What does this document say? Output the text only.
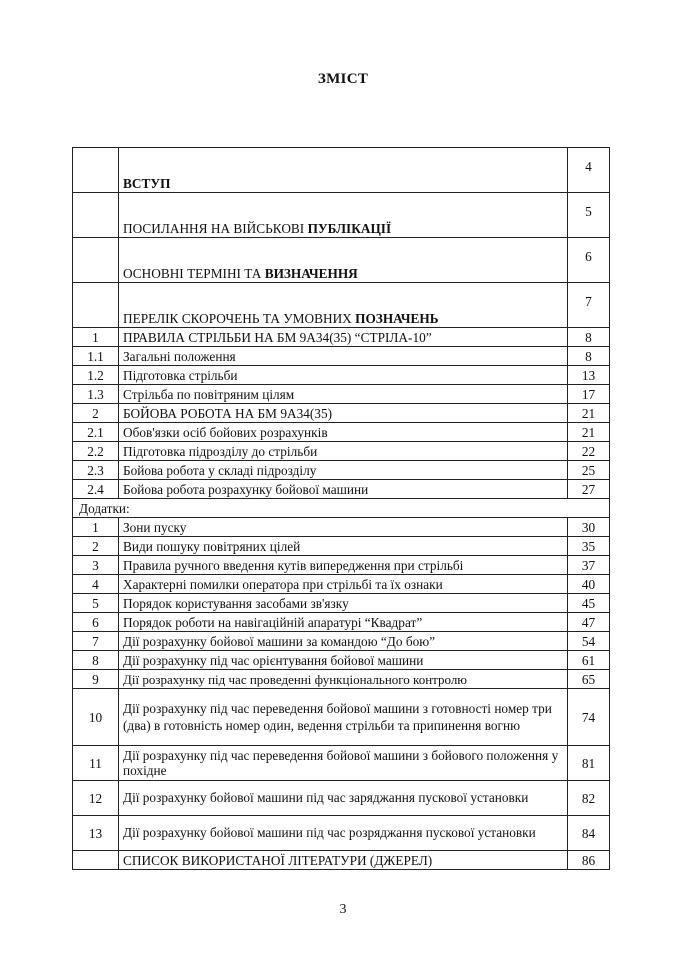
ЗМІСТ
	ВСТУП	4
	ПОСИЛАННЯ НА ВІЙСЬКОВІ ПУБЛІКАЦІЇ	5
	ОСНОВНІ ТЕРМІНІ ТА ВИЗНАЧЕННЯ	6
	ПЕРЕЛІК СКОРОЧЕНЬ ТА УМОВНИХ ПОЗНАЧЕНЬ	7
1	ПРАВИЛА СТРІЛЬБИ НА БМ 9А34(35) “СТРІЛА-10”	8
1.1	Загальні положення	8
1.2	Підготовка стрільби	13
1.3	Стрільба по повітряним цілям	17
2	БОЙОВА РОБОТА НА БМ 9А34(35)	21
2.1	Обов'язки осіб бойових розрахунків	21
2.2	Підготовка підрозділу до стрільби	22
2.3	Бойова робота у складі підрозділу	25
2.4	Бойова робота розрахунку бойової машини	27
Додатки:		
1	Зони пуску	30
2	Види пошуку повітряних цілей	35
3	Правила ручного введення кутів випередження при стрільбі	37
4	Характерні помилки оператора при стрільбі та їх ознаки	40
5	Порядок користування засобами зв'язку	45
6	Порядок роботи на навігаційній апаратурі “Квадрат”	47
7	Дії розрахунку бойової машини за командою “До бою”	54
8	Дії розрахунку під час орієнтування бойової машини	61
9	Дії розрахунку під час проведенні функціонального контролю	65
10	Дії розрахунку під час переведення бойової машини з готовності номер три (два) в готовність номер один, ведення стрільби та припинення вогню	74
11	Дії розрахунку під час переведення бойової машини з бойового положення у похідне	81
12	Дії розрахунку бойової машини під час заряджання пускової установки	82
13	Дії розрахунку бойової машини під час розряджання пускової установки	84
	СПИСОК ВИКОРИСТАНОЇ ЛІТЕРАТУРИ (ДЖЕРЕЛ)	86
3
